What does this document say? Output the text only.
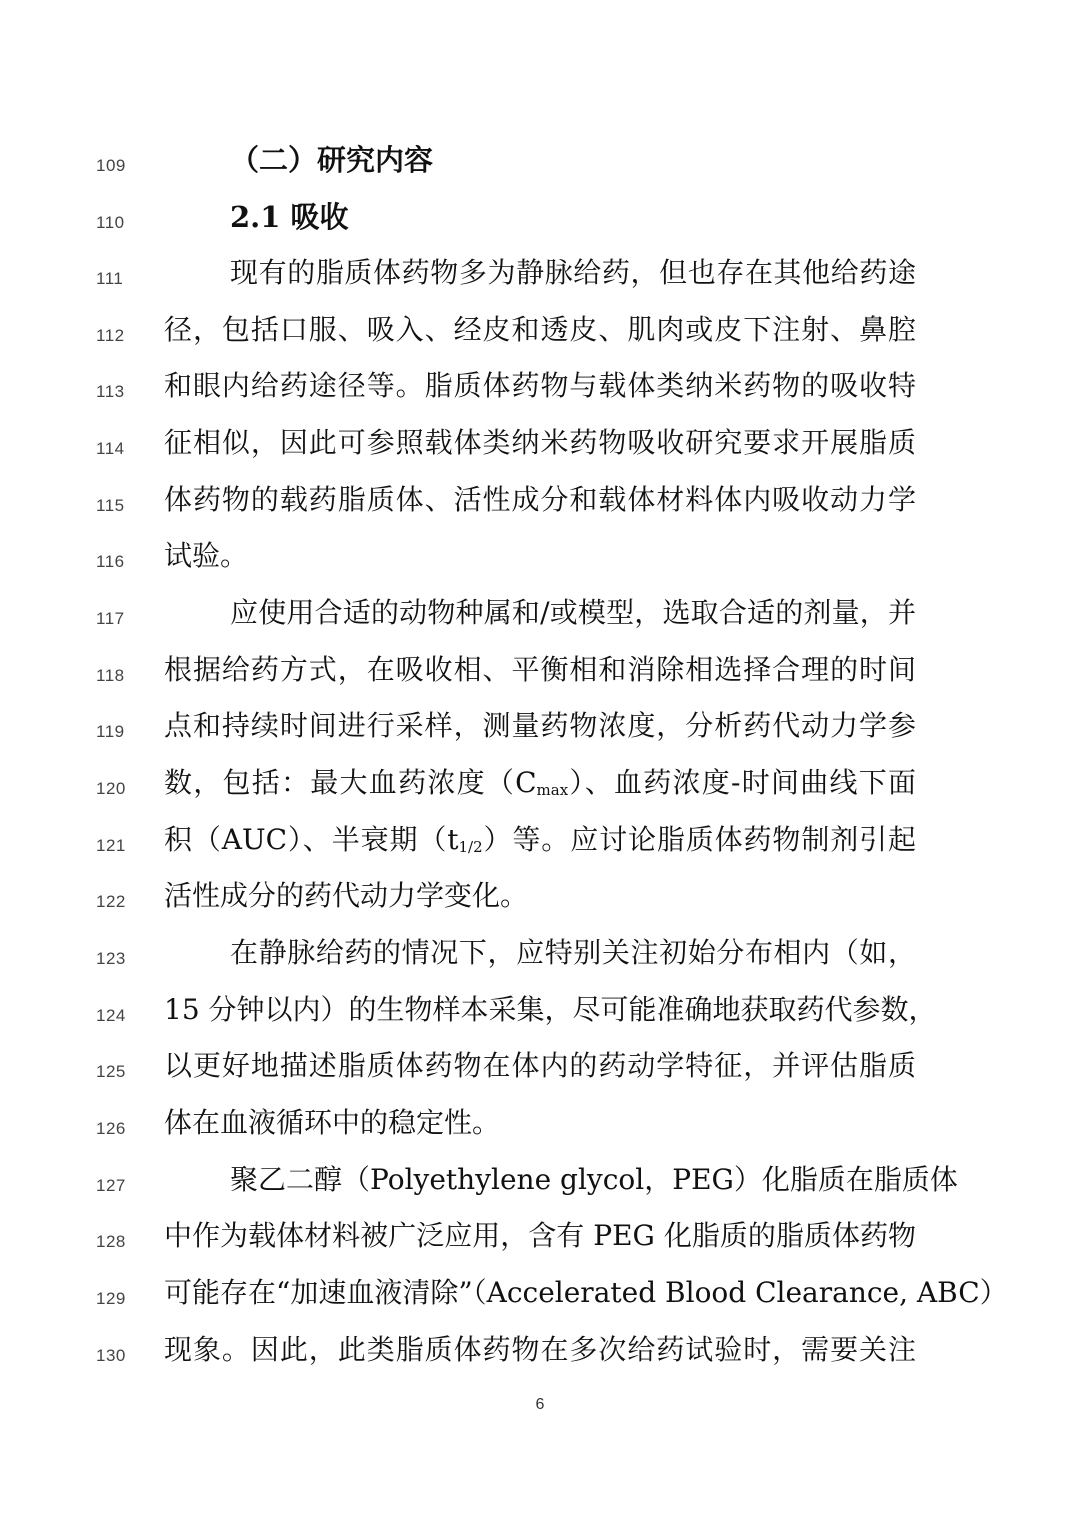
109	（二）研究内容
110	2.1 吸收
111	现有的脂质体药物多为静脉给药，但也存在其他给药途
112	径，包括口服、吸入、经皮和透皮、肌肉或皮下注射、鼻腔
113	和眼内给药途径等。脂质体药物与载体类纳米药物的吸收特
114	征相似，因此可参照载体类纳米药物吸收研究要求开展脂质
115	体药物的载药脂质体、活性成分和载体材料体内吸收动力学
116	试验。
117	应使用合适的动物种属和/或模型，选取合适的剂量，并
118	根据给药方式，在吸收相、平衡相和消除相选择合理的时间
119	点和持续时间进行采样，测量药物浓度，分析药代动力学参
120	数，包括：最大血药浓度$(C_{max})$、血药浓度-时间曲线下面
121	积（AUC）、半衰期$(t_{1/2})$等。应讨论脂质体药物制剂引起
122	活性成分的药代动力学变化。
123	在静脉给药的情况下，应特别关注初始分布相内（如，
124	15 分钟以内）的生物样本采集，尽可能准确地获取药代参数，
125	以更好地描述脂质体药物在体内的药动学特征，并评估脂质
126	体在血液循环中的稳定性。
127	聚乙二醇（Polyethylene glycol，PEG）化脂质在脂质体
128	中作为载体材料被广泛应用，含有 PEG 化脂质的脂质体药物
129	可能存在“加速血液清除”（Accelerated Blood Clearance, ABC）
130	现象。因此，此类脂质体药物在多次给药试验时，需要关注
6
